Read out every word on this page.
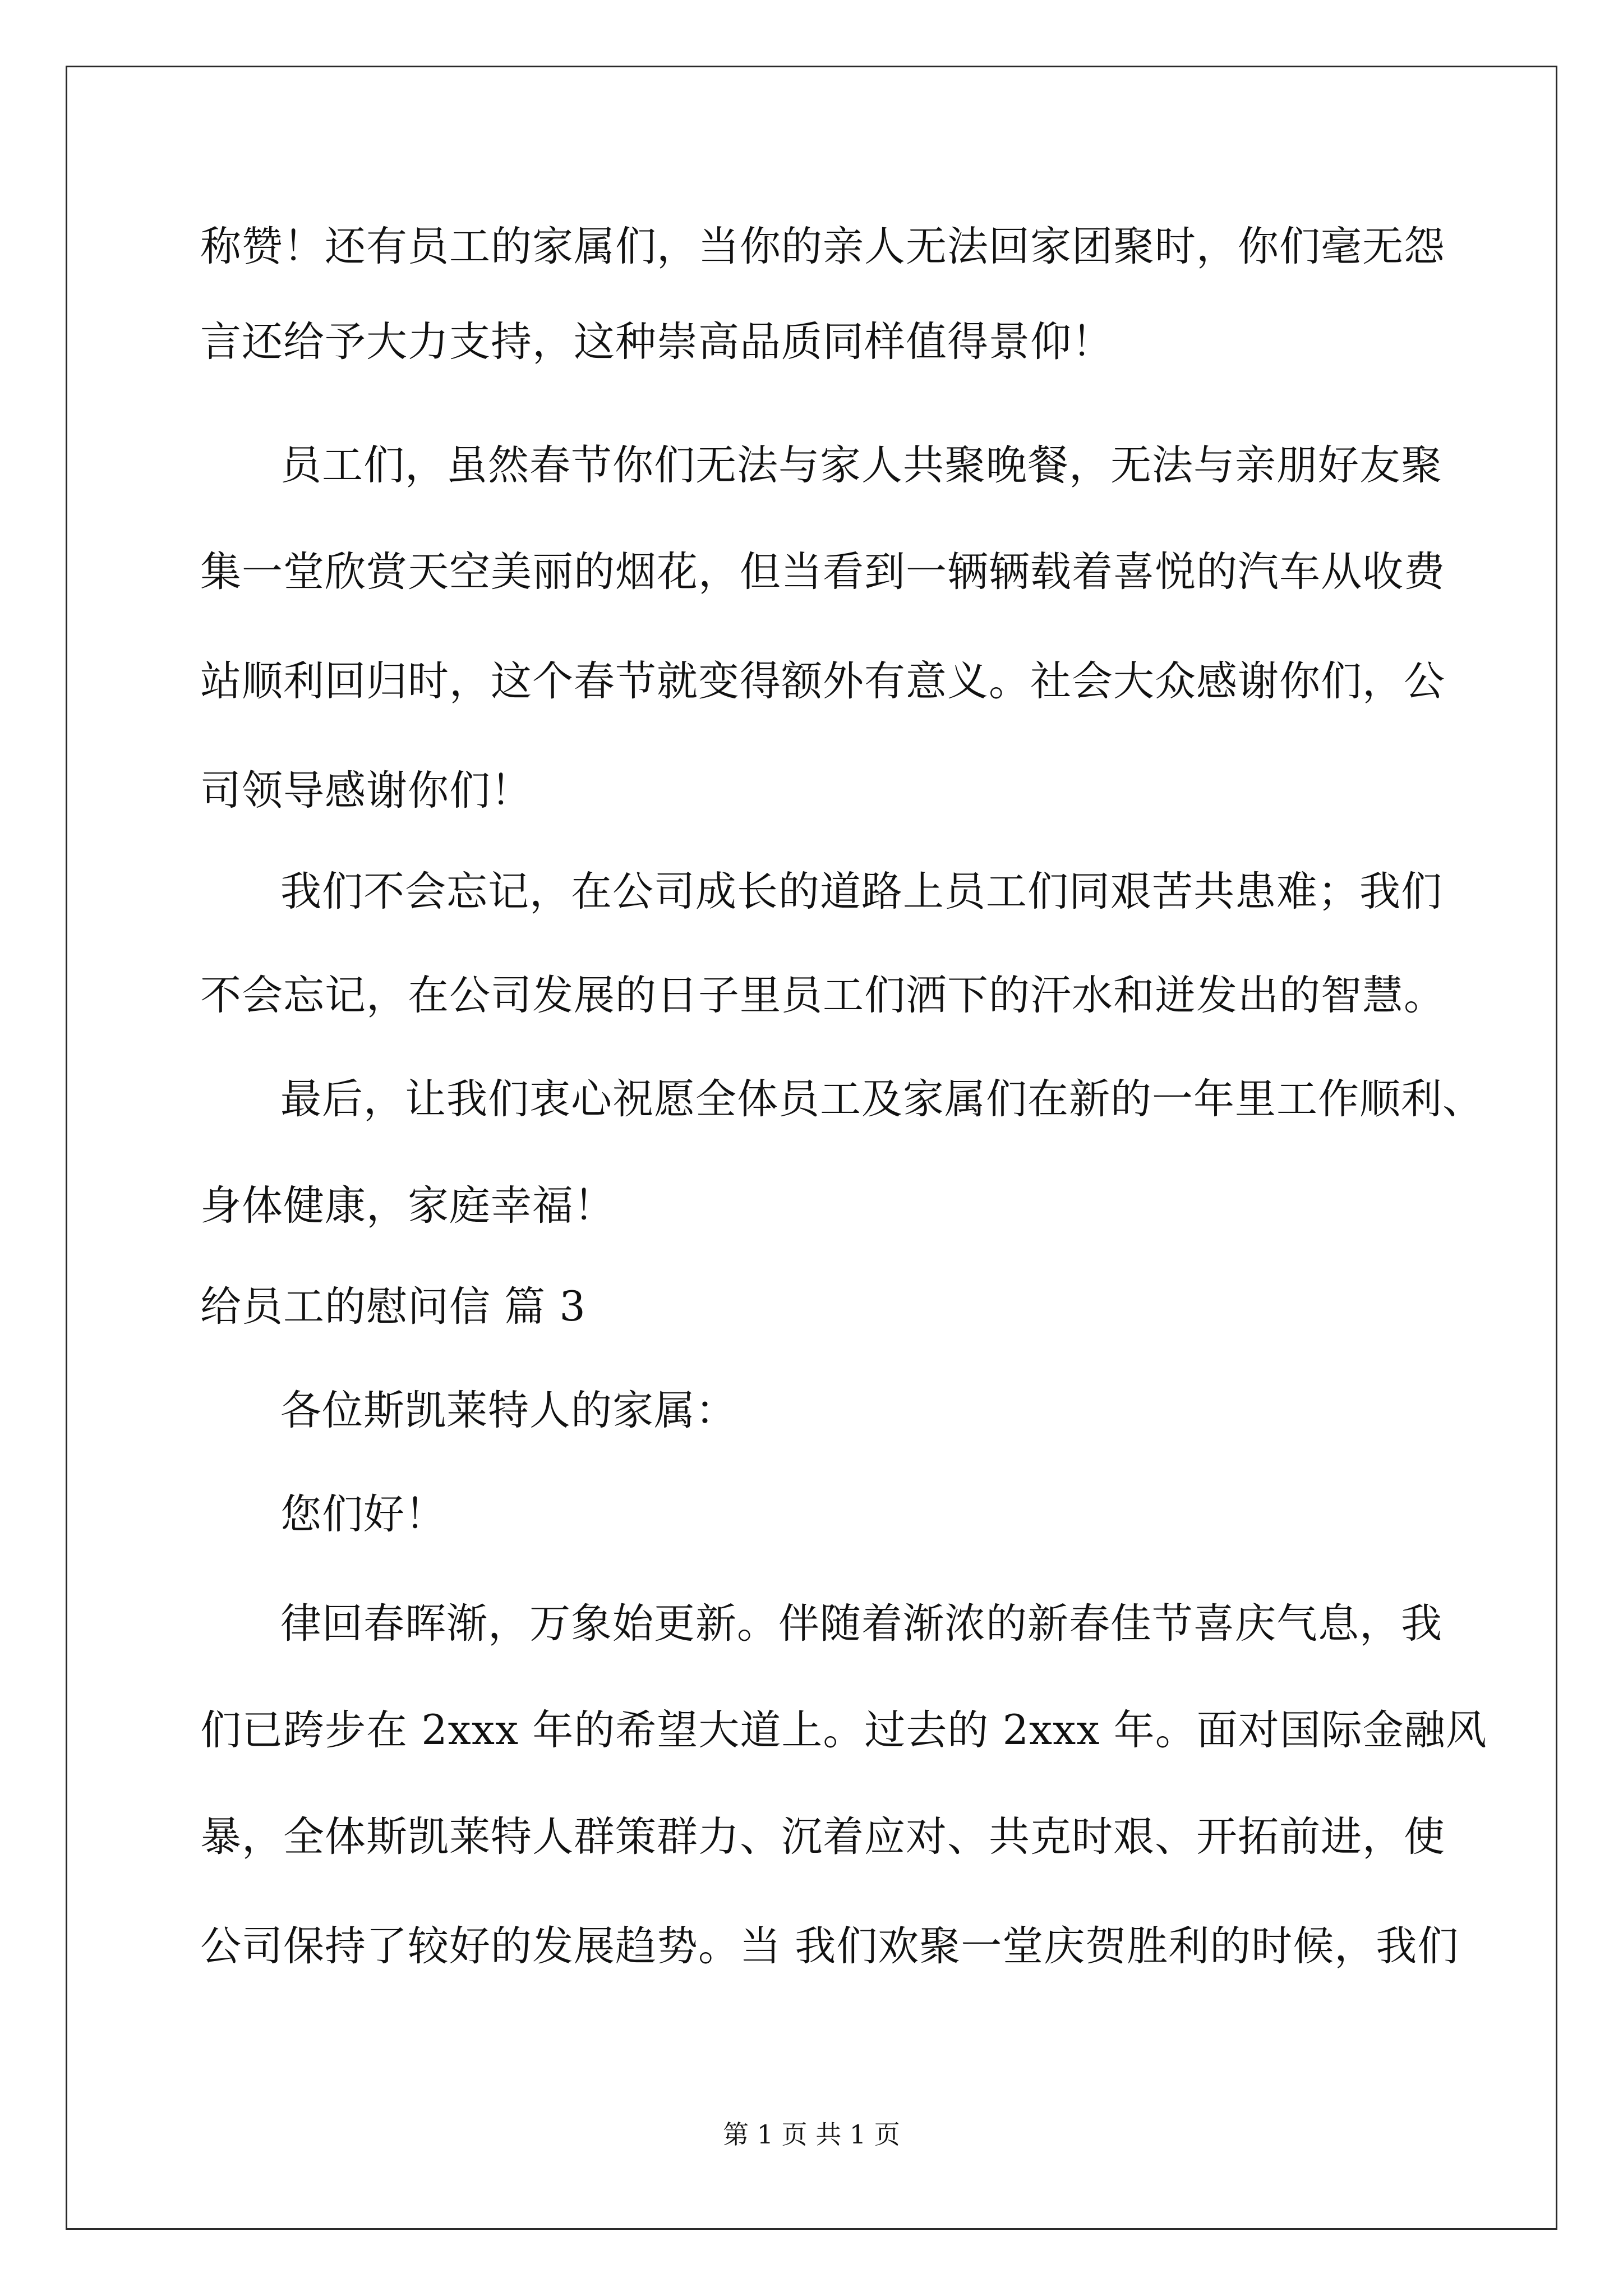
称赞！还有员工的家属们，当你的亲人无法回家团聚时，你们毫无怨
言还给予大力支持，这种崇高品质同样值得景仰！
员工们，虽然春节你们无法与家人共聚晚餐，无法与亲朋好友聚
集一堂欣赏天空美丽的烟花，但当看到一辆辆载着喜悦的汽车从收费
站顺利回归时，这个春节就变得额外有意义。社会大众感谢你们，公
司领导感谢你们！
我们不会忘记，在公司成长的道路上员工们同艰苦共患难；我们
不会忘记，在公司发展的日子里员工们洒下的汗水和迸发出的智慧。
最后，让我们衷心祝愿全体员工及家属们在新的一年里工作顺利、
身体健康，家庭幸福！
给员工的慰问信 篇 3
各位斯凯莱特人的家属：
您们好！
律回春晖渐，万象始更新。伴随着渐浓的新春佳节喜庆气息，我
们已跨步在 2xxx 年的希望大道上。过去的 2xxx 年。面对国际金融风
暴，全体斯凯莱特人群策群力、沉着应对、共克时艰、开拓前进，使
公司保持了较好的发展趋势。当 我们欢聚一堂庆贺胜利的时候，我们
第 1 页 共 1 页
